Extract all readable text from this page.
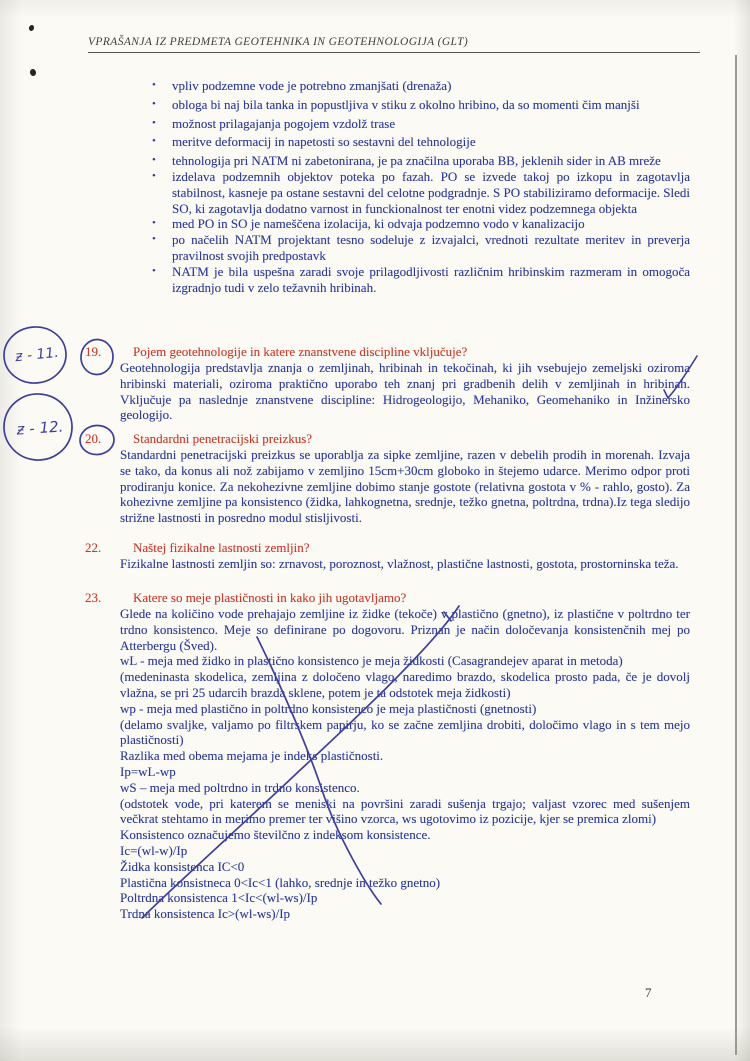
VPRAŠANJA IZ PREDMETA GEOTEHNIKA IN GEOTEHNOLOGIJA (GLT)
•	vpliv podzemne vode je potrebno zmanjšati (drenaža)
•	obloga bi naj bila tanka in popustljiva v stiku z okolno hribino, da so momenti čim manjši
•	možnost prilagajanja pogojem vzdolž trase
•	meritve deformacij in napetosti so sestavni del tehnologije
•	tehnologija pri NATM ni zabetonirana, je pa značilna uporaba BB, jeklenih sider in AB mreže
•	izdelava podzemnih objektov poteka po fazah. PO se izvede takoj po izkopu in zagotavlja stabilnost, kasneje pa ostane sestavni del celotne podgradnje. S PO stabiliziramo deformacije. Sledi SO, ki zagotavlja dodatno varnost in funckionalnost ter enotni videz podzemnega objekta
•	med PO in SO je nameščena izolacija, ki odvaja podzemno vodo v kanalizacijo
•	po načelih NATM projektant tesno sodeluje z izvajalci, vrednoti rezultate meritev in preverja pravilnost svojih predpostavk
•	NATM je bila uspešna zaradi svoje prilagodljivosti različnim hribinskim razmeram in omogoča izgradnjo tudi v zelo težavnih hribinah.
19. Pojem geotehnologije in katere znanstvene discipline vključuje?
Geotehnologija predstavlja znanja o zemljinah, hribinah in tekočinah, ki jih vsebujejo zemeljski oziroma hribinski materiali, oziroma praktično uporabo teh znanj pri gradbenih delih v zemljinah in hribinah. Vključuje pa naslednje znanstvene discipline: Hidrogeologijo, Mehaniko, Geomehaniko in Inžinersko geologijo.
20. Standardni penetracijski preizkus?
Standardni penetracijski preizkus se uporablja za sipke zemljine, razen v debelih prodih in morenah. Izvaja se tako, da konus ali nož zabijamo v zemljino 15cm+30cm globoko in štejemo udarce. Merimo odpor proti prodiranju konice. Za nekohezivne zemljine dobimo stanje gostote (relativna gostota v % - rahlo, gosto). Za kohezivne zemljine pa konsistenco (židka, lahkognetna, srednje, težko gnetna, poltrdna, trdna).Iz tega sledijo strižne lastnosti in posredno modul stisljivosti.
22. Naštej fizikalne lastnosti zemljin?
Fizikalne lastnosti zemljin so: zrnavost, poroznost, vlažnost, plastične lastnosti, gostota, prostorninska teža.
23. Katere so meje plastičnosti in kako jih ugotavljamo?
Glede na količino vode prehajajo zemljine iz židke (tekoče) v plastično (gnetno), iz plastične v poltrdno ter trdno konsistenco. Meje so definirane po dogovoru. Priznan je način določevanja konsistenčnih mej po Atterbergu (Šved).
wL - meja med židko in plastično konsistenco je meja židkosti (Casagrandejev aparat in metoda)
(medeninasta skodelica, zemljina z določeno vlago, naredimo brazdo, skodelica prosto pada, če je dovolj vlažna, se pri 25 udarcih brazda sklene, potem je ta odstotek meja židkosti)
wp - meja med plastično in poltrdno konsistenco je meja plastičnosti (gnetnosti)
(delamo svaljke, valjamo po filtrskem papirju, ko se začne zemljina drobiti, določimo vlago in s tem mejo plastičnosti)
Razlika med obema mejama je indeks plastičnosti.
Ip=wL-wp
wS – meja med poltrdno in trdno konsistenco.
(odstotek vode, pri katerem se meniski na površini zaradi sušenja trgajo; valjast vzorec med sušenjem večkrat stehtamo in merimo premer ter višino vzorca, ws ugotovimo iz pozicije, kjer se premica zlomi)
Konsistenco označujemo številčno z indeksom konsistence.
Ic=(wl-w)/Ip
Židka konsistenca IC<0
Plastična konsistneca 0<Ic<1 (lahko, srednje in težko gnetno)
Poltrdna konsistenca 1<Ic<(wl-ws)/Ip
Trdna konsistenca Ic>(wl-ws)/Ip
ƶ - 11.
ƶ - 12.
7
